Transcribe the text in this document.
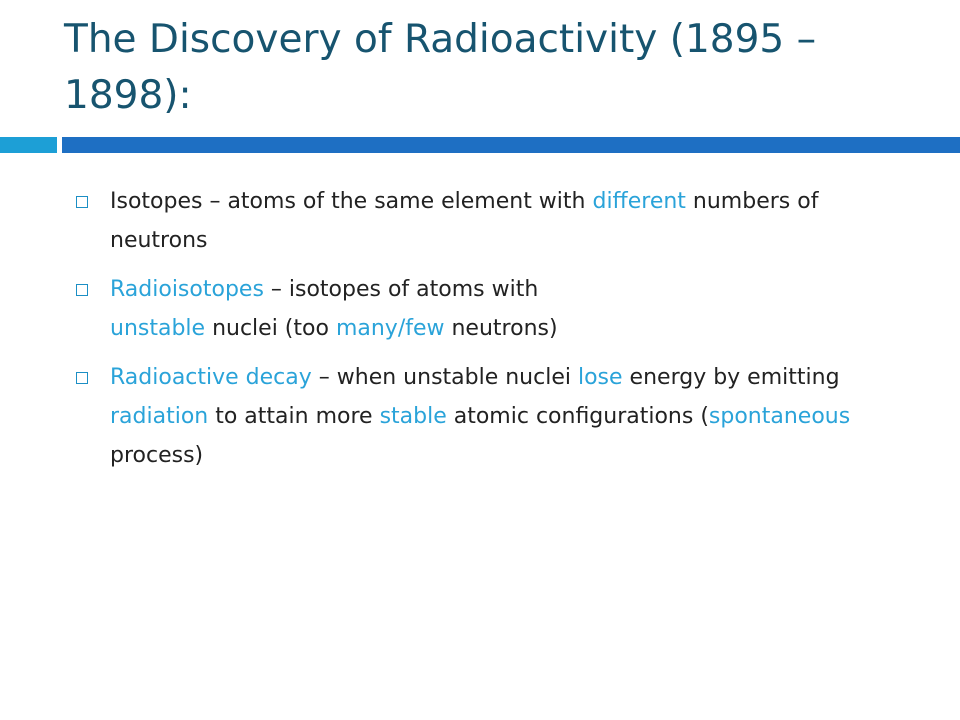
The Discovery of Radioactivity (1895 – 1898):
Isotopes – atoms of the same element with different numbers of neutrons
Radioisotopes – isotopes of atoms with
unstable nuclei (too many/few neutrons)
Radioactive decay – when unstable nuclei lose energy by emitting radiation to attain more stable atomic configurations (spontaneous process)
